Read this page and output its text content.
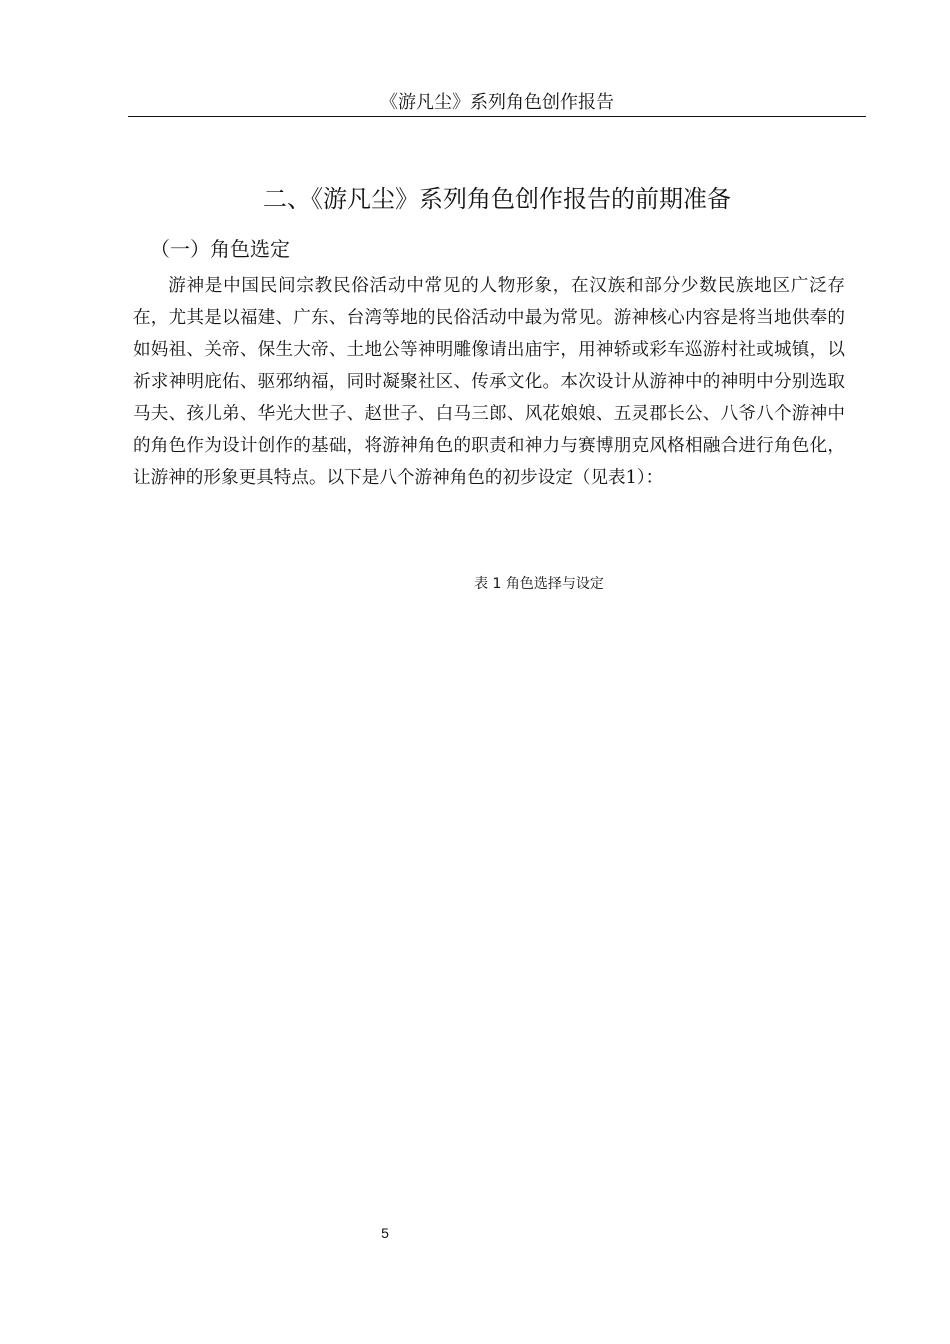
《游凡尘》系列角色创作报告
二、《游凡尘》系列角色创作报告的前期准备
（一）角色选定

游神是中国民间宗教民俗活动中常见的人物形象，在汉族和部分少数民族地区广泛存在，尤其是以福建、广东、台湾等地的民俗活动中最为常见。游神核心内容是将当地供奉的如妈祖、关帝、保生大帝、土地公等神明雕像请出庙宇，用神轿或彩车巡游村社或城镇，以祈求神明庇佑、驱邪纳福，同时凝聚社区、传承文化。本次设计从游神中的神明中分别选取马夫、孩儿弟、华光大世子、赵世子、白马三郎、风花娘娘、五灵郡长公、八爷八个游神中的角色作为设计创作的基础，将游神角色的职责和神力与赛博朋克风格相融合进行角色化，让游神的形象更具特点。以下是八个游神角色的初步设定（见表1）：

表 1 角色选择与设定
5
